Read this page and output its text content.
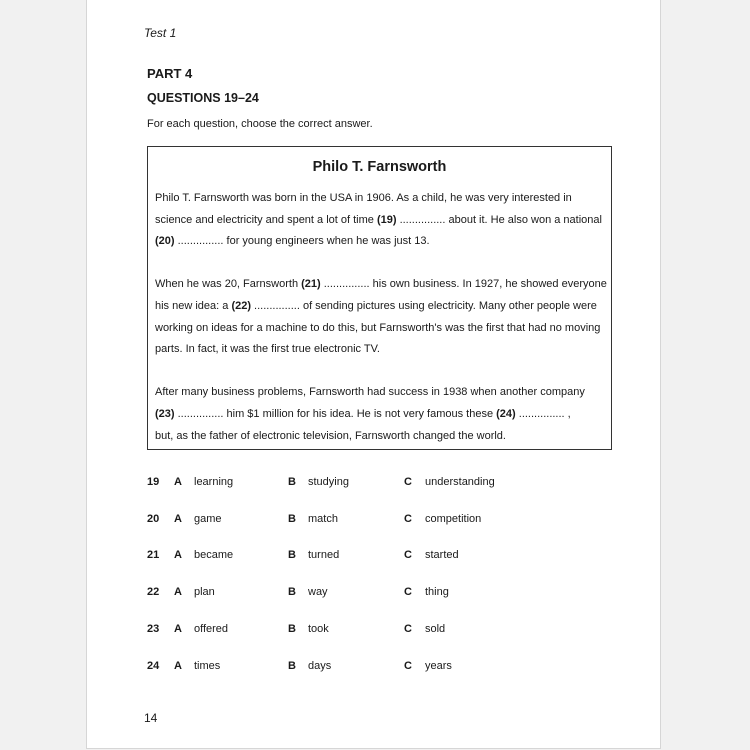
Test 1
PART 4
QUESTIONS 19–24
For each question, choose the correct answer.
Philo T. Farnsworth
Philo T. Farnsworth was born in the USA in 1906. As a child, he was very interested in
science and electricity and spent a lot of time (19) ............... about it. He also won a national
(20) ............... for young engineers when he was just 13.
When he was 20, Farnsworth (21) ............... his own business. In 1927, he showed everyone
his new idea: a (22) ............... of sending pictures using electricity. Many other people were
working on ideas for a machine to do this, but Farnsworth's was the first that had no moving
parts. In fact, it was the first true electronic TV.
After many business problems, Farnsworth had success in 1938 when another company
(23) ............... him $1 million for his idea. He is not very famous these (24) ............... ,
but, as the father of electronic television, Farnsworth changed the world.
19 A learning	B studying	C understanding
20 A game	B match	C competition
21 A became	B turned	C started
22 A plan	B way	C thing
23 A offered	B took	C sold
24 A times	B days	C years
14
